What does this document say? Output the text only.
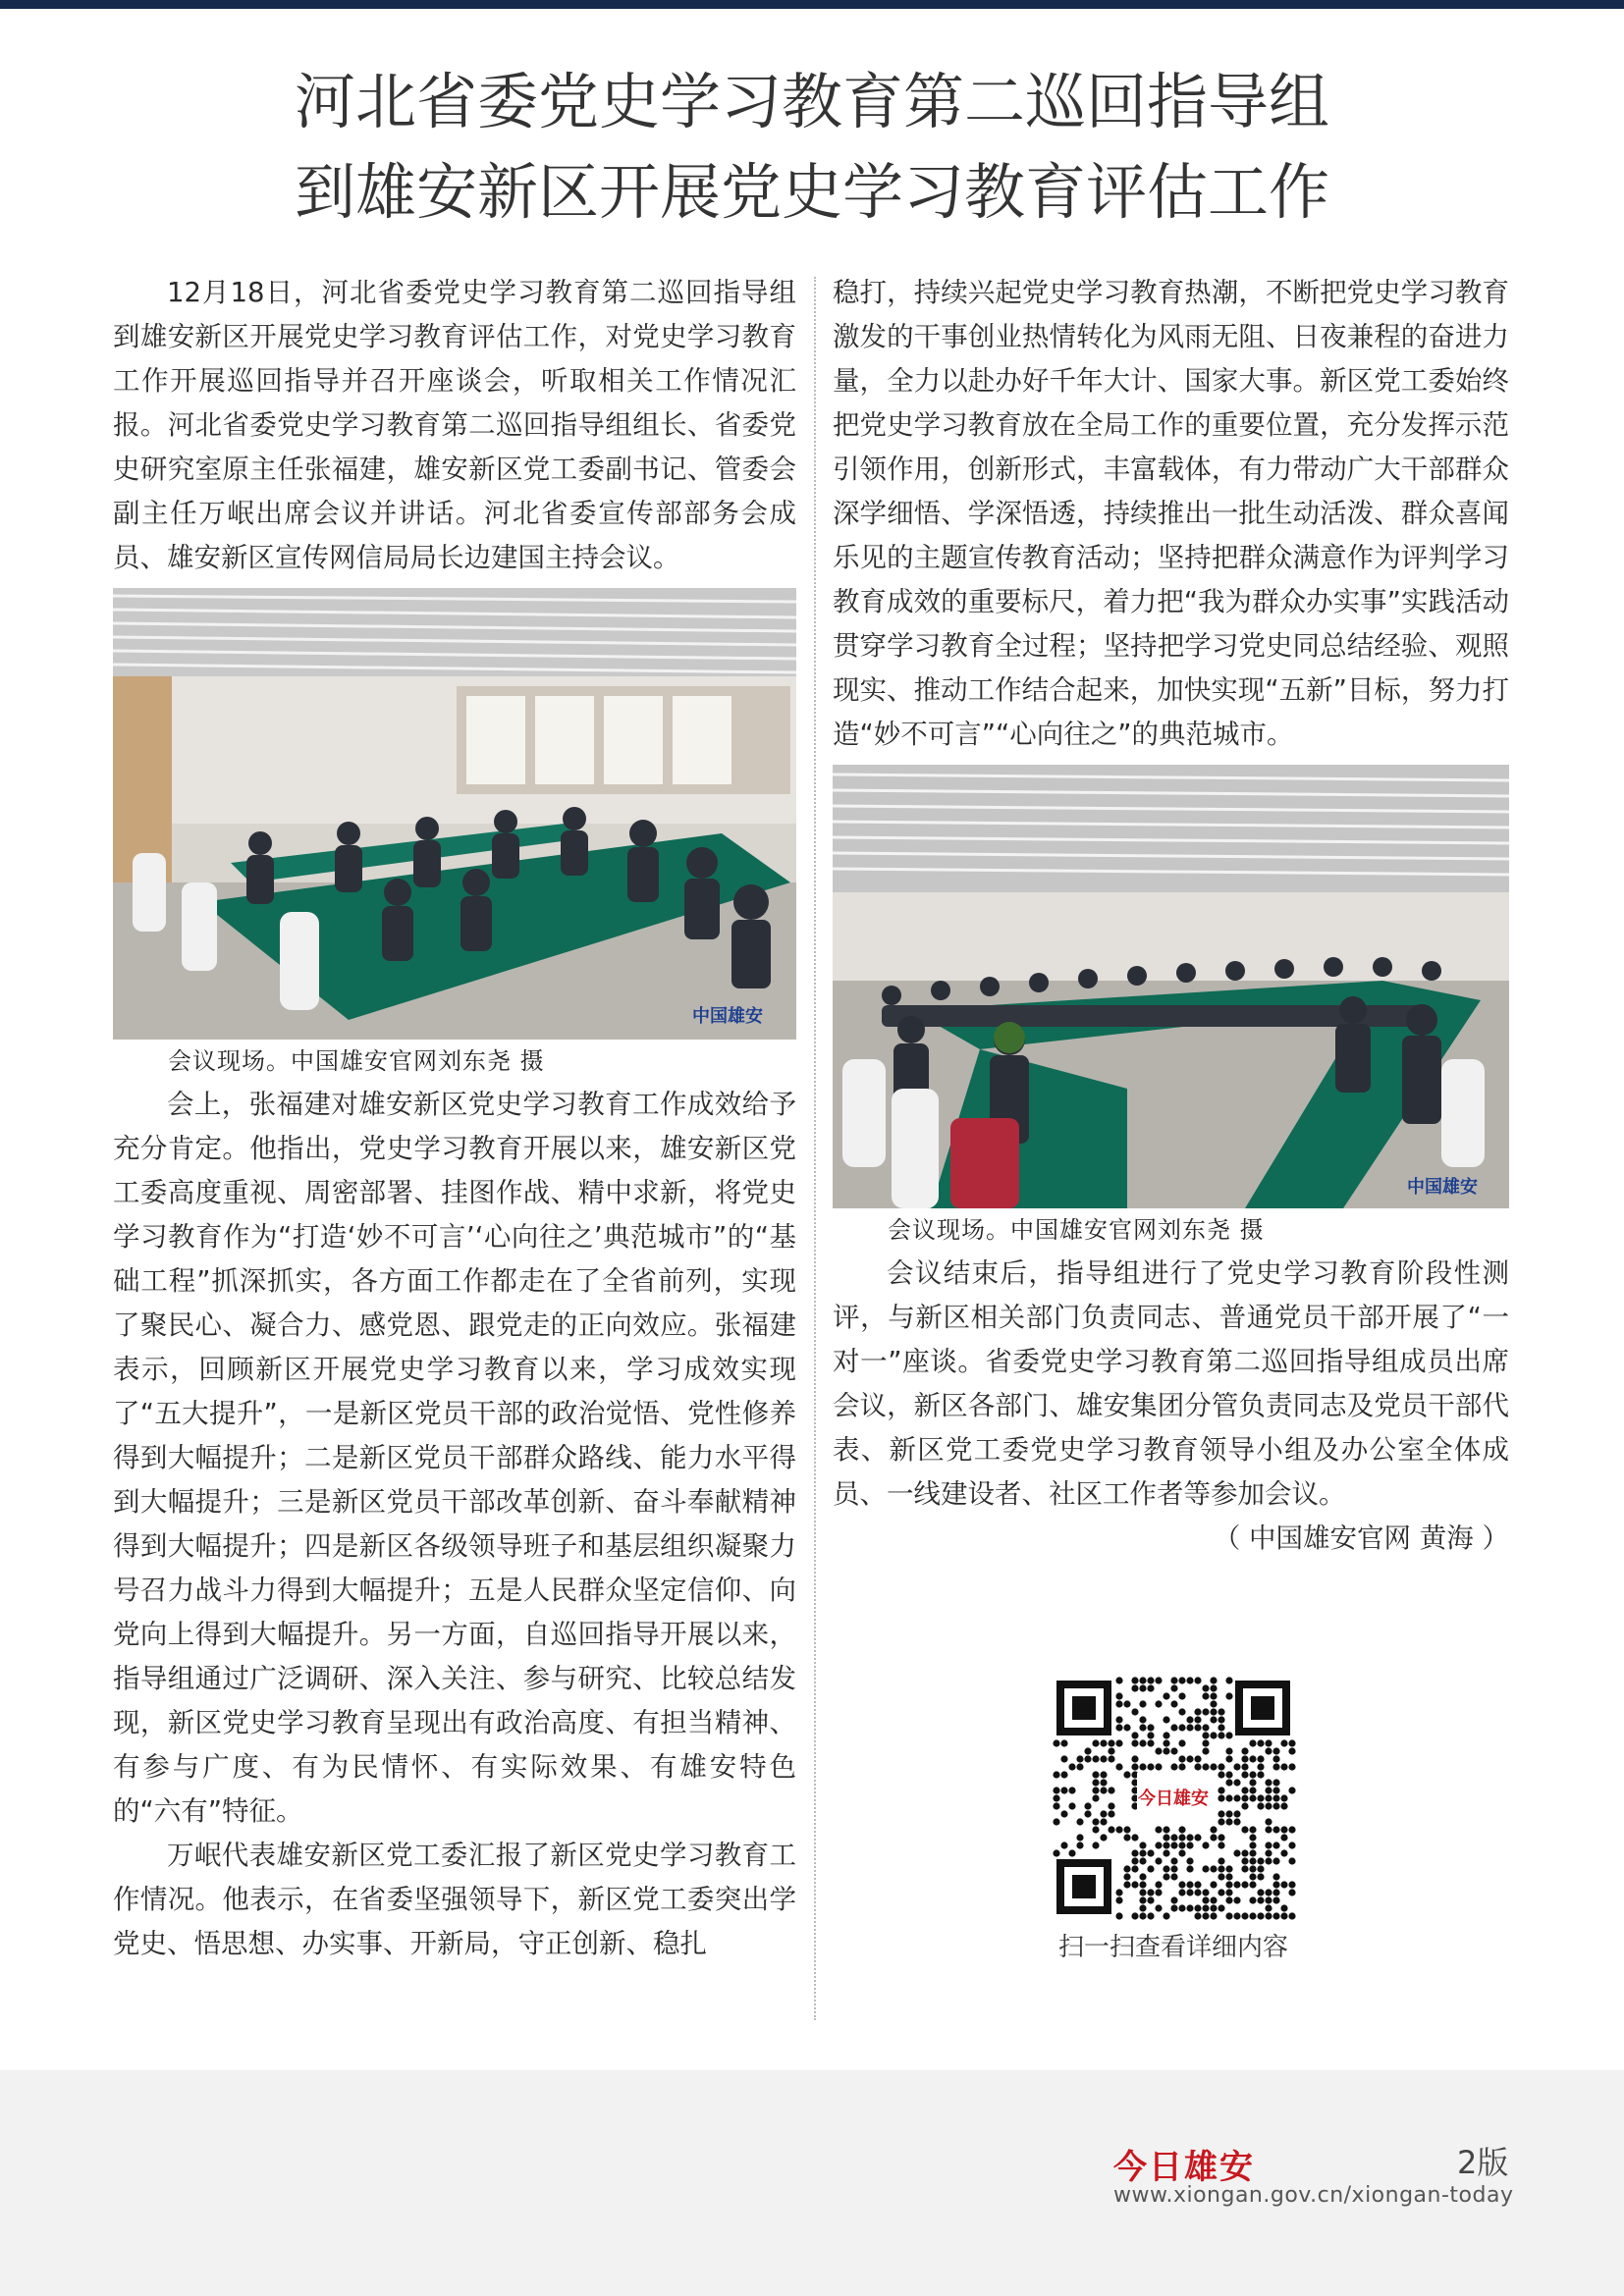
河北省委党史学习教育第二巡回指导组
到雄安新区开展党史学习教育评估工作

12月18日，河北省委党史学习教育第二巡回指导组到雄安新区开展党史学习教育评估工作，对党史学习教育工作开展巡回指导并召开座谈会，听取相关工作情况汇报。河北省委党史学习教育第二巡回指导组组长、省委党史研究室原主任张福建，雄安新区党工委副书记、管委会副主任万岷出席会议并讲话。河北省委宣传部部务会成员、雄安新区宣传网信局局长边建国主持会议。

中国雄安
会议现场。中国雄安官网刘东尧 摄

会上，张福建对雄安新区党史学习教育工作成效给予充分肯定。他指出，党史学习教育开展以来，雄安新区党工委高度重视、周密部署、挂图作战、精中求新，将党史学习教育作为“打造‘妙不可言’‘心向往之’典范城市”的“基础工程”抓深抓实，各方面工作都走在了全省前列，实现了聚民心、凝合力、感党恩、跟党走的正向效应。张福建表示，回顾新区开展党史学习教育以来，学习成效实现了“五大提升”，一是新区党员干部的政治觉悟、党性修养得到大幅提升；二是新区党员干部群众路线、能力水平得到大幅提升；三是新区党员干部改革创新、奋斗奉献精神得到大幅提升；四是新区各级领导班子和基层组织凝聚力号召力战斗力得到大幅提升；五是人民群众坚定信仰、向党向上得到大幅提升。另一方面，自巡回指导开展以来，指导组通过广泛调研、深入关注、参与研究、比较总结发现，新区党史学习教育呈现出有政治高度、有担当精神、有参与广度、有为民情怀、有实际效果、有雄安特色的“六有”特征。

万岷代表雄安新区党工委汇报了新区党史学习教育工作情况。他表示，在省委坚强领导下，新区党工委突出学党史、悟思想、办实事、开新局，守正创新、稳扎

稳打，持续兴起党史学习教育热潮，不断把党史学习教育激发的干事创业热情转化为风雨无阻、日夜兼程的奋进力量，全力以赴办好千年大计、国家大事。新区党工委始终把党史学习教育放在全局工作的重要位置，充分发挥示范引领作用，创新形式，丰富载体，有力带动广大干部群众深学细悟、学深悟透，持续推出一批生动活泼、群众喜闻乐见的主题宣传教育活动；坚持把群众满意作为评判学习教育成效的重要标尺，着力把“我为群众办实事”实践活动贯穿学习教育全过程；坚持把学习党史同总结经验、观照现实、推动工作结合起来，加快实现“五新”目标，努力打造“妙不可言”“心向往之”的典范城市。

中国雄安
会议现场。中国雄安官网刘东尧 摄

会议结束后，指导组进行了党史学习教育阶段性测评，与新区相关部门负责同志、普通党员干部开展了“一对一”座谈。省委党史学习教育第二巡回指导组成员出席会议，新区各部门、雄安集团分管负责同志及党员干部代表、新区党工委党史学习教育领导小组及办公室全体成员、一线建设者、社区工作者等参加会议。

（ 中国雄安官网 黄海 ）

今日雄安
扫一扫查看详细内容
今日雄安	2版
www.xiongan.gov.cn/xiongan-today
